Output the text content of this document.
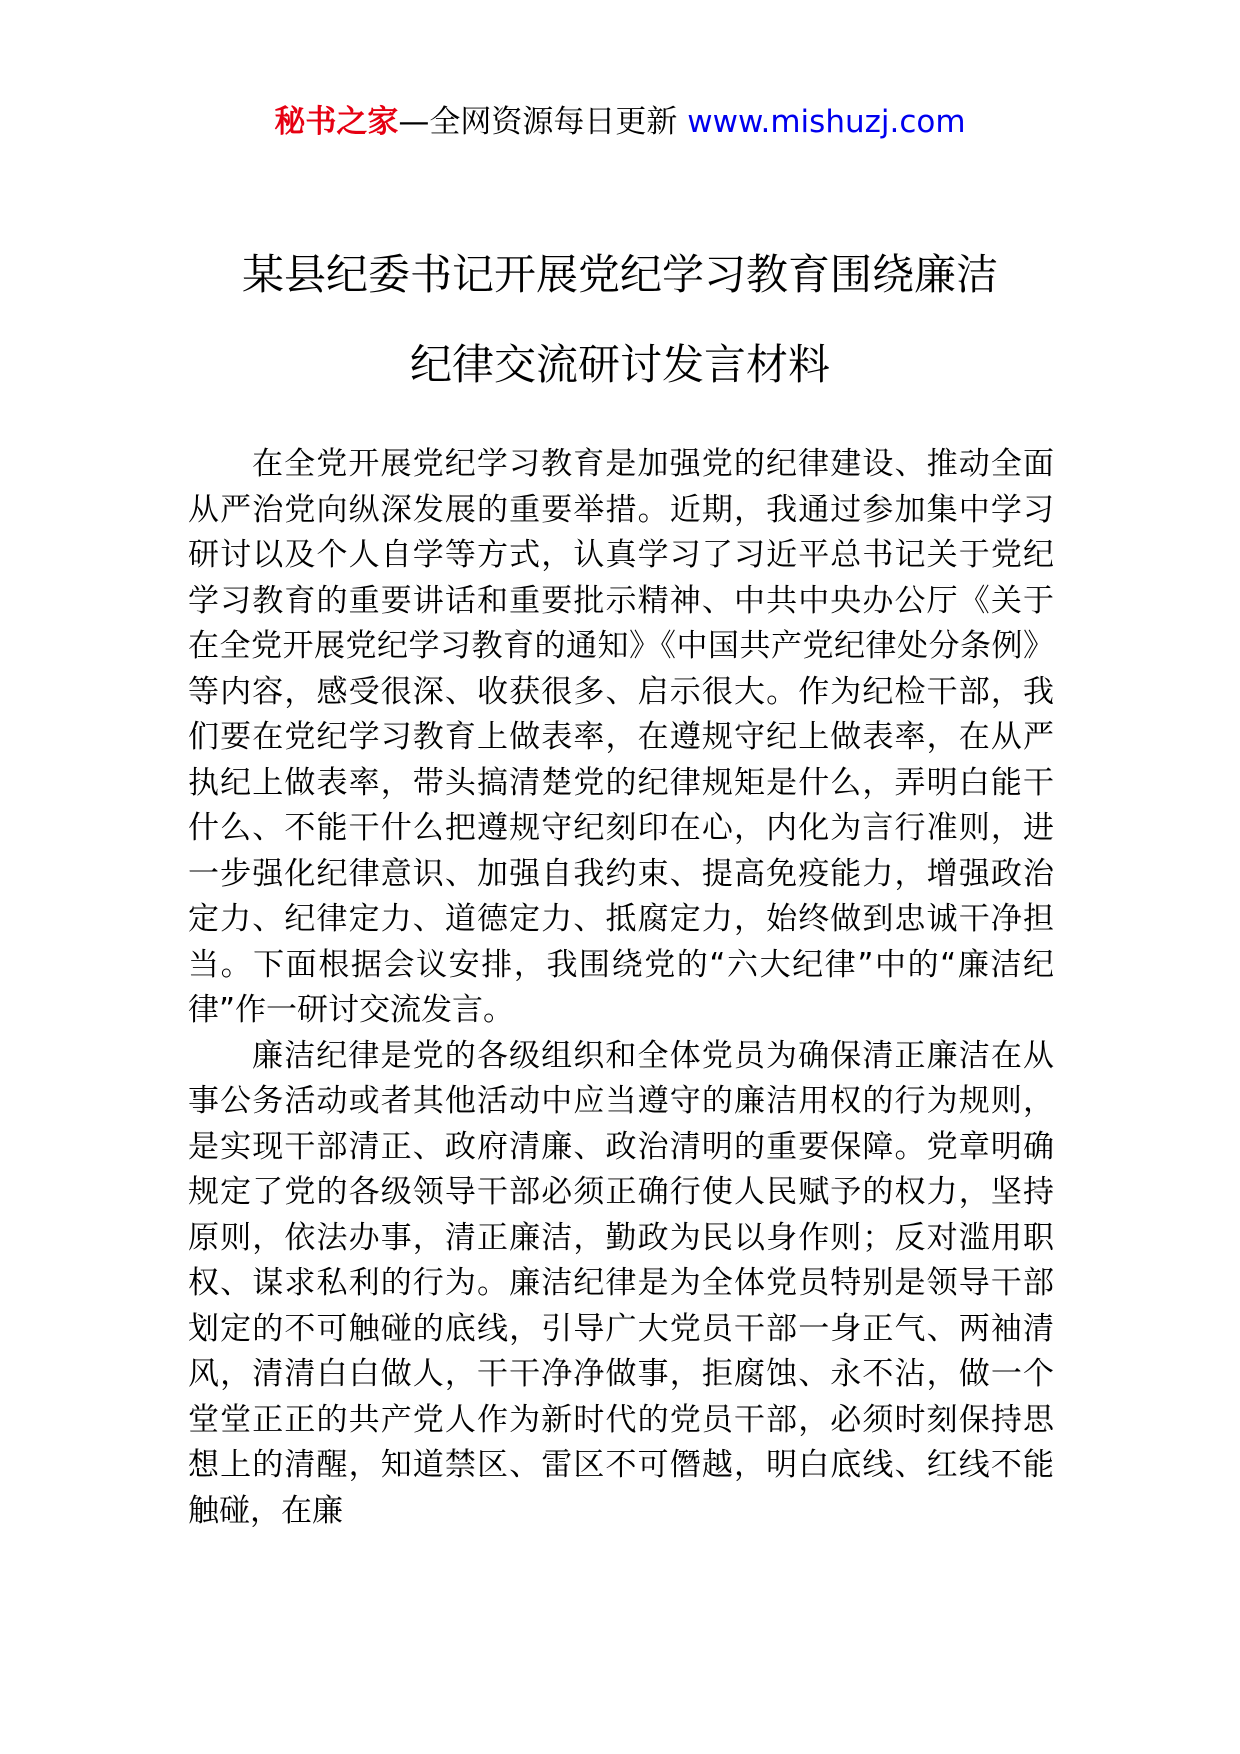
秘书之家—全网资源每日更新 www.mishuzj.com
某县纪委书记开展党纪学习教育围绕廉洁
纪律交流研讨发言材料

在全党开展党纪学习教育是加强党的纪律建设、推动全面从严治党向纵深发展的重要举措。近期，我通过参加集中学习研讨以及个人自学等方式，认真学习了习近平总书记关于党纪学习教育的重要讲话和重要批示精神、中共中央办公厅《关于在全党开展党纪学习教育的通知》《中国共产党纪律处分条例》等内容，感受很深、收获很多、启示很大。作为纪检干部，我们要在党纪学习教育上做表率，在遵规守纪上做表率，在从严执纪上做表率，带头搞清楚党的纪律规矩是什么，弄明白能干什么、不能干什么把遵规守纪刻印在心，内化为言行准则，进一步强化纪律意识、加强自我约束、提高免疫能力，增强政治定力、纪律定力、道德定力、抵腐定力，始终做到忠诚干净担当。下面根据会议安排，我围绕党的“六大纪律”中的“廉洁纪律”作一研讨交流发言。

廉洁纪律是党的各级组织和全体党员为确保清正廉洁在从事公务活动或者其他活动中应当遵守的廉洁用权的行为规则，是实现干部清正、政府清廉、政治清明的重要保障。党章明确规定了党的各级领导干部必须正确行使人民赋予的权力，坚持原则，依法办事，清正廉洁，勤政为民以身作则；反对滥用职权、谋求私利的行为。廉洁纪律是为全体党员特别是领导干部划定的不可触碰的底线，引导广大党员干部一身正气、两袖清风，清清白白做人，干干净净做事，拒腐蚀、永不沾，做一个堂堂正正的共产党人作为新时代的党员干部，必须时刻保持思想上的清醒，知道禁区、雷区不可僭越，明白底线、红线不能触碰，在廉
